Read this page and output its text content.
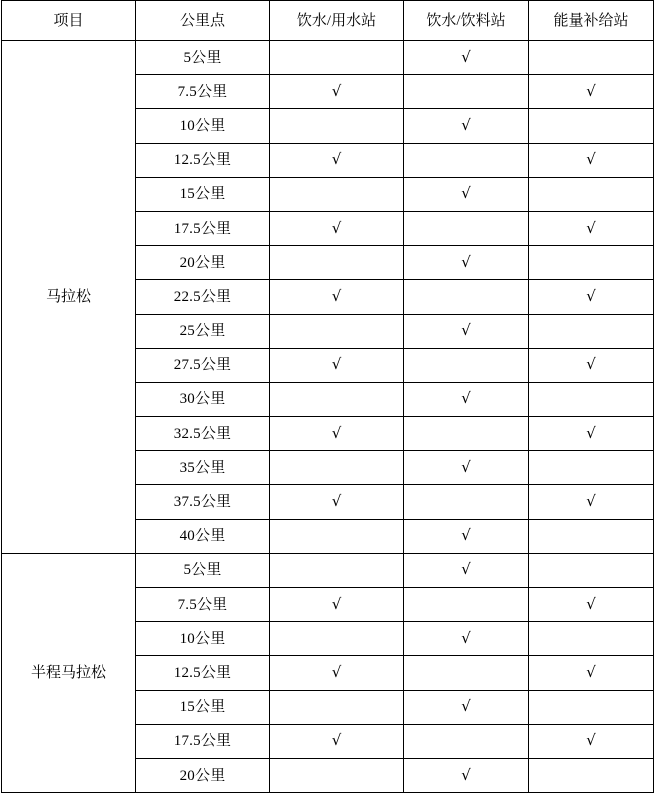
项目	公里点	饮水/用水站	饮水/饮料站	能量补给站
马拉松	5公里		√	
	7.5公里	√		√
	10公里		√	
	12.5公里	√		√
	15公里		√	
	17.5公里	√		√
	20公里		√	
	22.5公里	√		√
	25公里		√	
	27.5公里	√		√
	30公里		√	
	32.5公里	√		√
	35公里		√	
	37.5公里	√		√
	40公里		√	
半程马拉松	5公里		√	
	7.5公里	√		√
	10公里		√	
	12.5公里	√		√
	15公里		√	
	17.5公里	√		√
	20公里		√	
